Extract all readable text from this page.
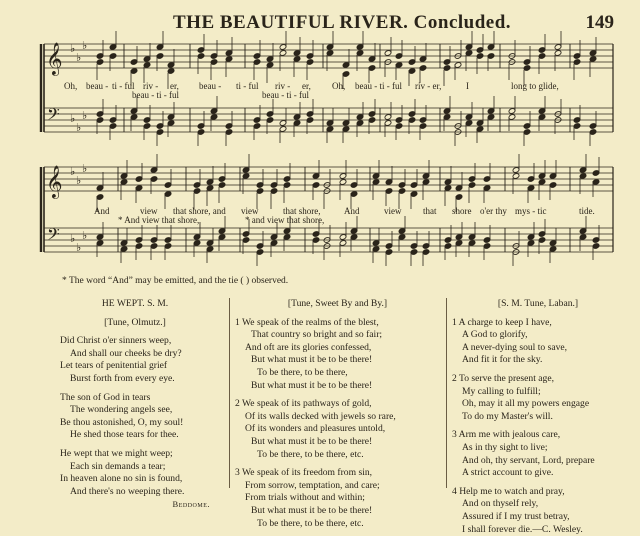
THE BEAUTIFUL RIVER. Concluded.	149
𝄞
𝄢
♭
♭
♭
♭
♭
♭
𝄞
𝄢
♭
♭
♭
♭
♭
♭
Oh, beau - ti - ful riv - er, beau - ti - ful riv - er, Oh, beau - ti - ful riv - er,	I	long to glide,
beau - ti - ful	beau - ti - ful
And	view that shore, and view	that shore,	And	view that shore o'er thy mys - tic	tide.
* And view that shore,	* and view that shore,
* The word “And” may be emitted, and the tie ( ) observed.
HE WEPT. S. M.
[Tune, Olmutz.]
Did Christ o'er sinners weep,
And shall our cheeks be dry?
Let tears of penitential grief
Burst forth from every eye.
The son of God in tears
The wondering angels see,
Be thou astonished, O, my soul!
He shed those tears for thee.
He wept that we might weep;
Each sin demands a tear;
In heaven alone no sin is found,
And there's no weeping there.
Beddome.
[Tune, Sweet By and By.]
1 We speak of the realms of the blest,
That country so bright and so fair;
And oft are its glories confessed,
But what must it be to be there!
To be there, to be there,
But what must it be to be there!
2 We speak of its pathways of gold,
Of its walls decked with jewels so rare,
Of its wonders and pleasures untold,
But what must it be to be there!
To be there, to be there, etc.
3 We speak of its freedom from sin,
From sorrow, temptation, and care;
From trials without and within;
But what must it be to be there!
To be there, to be there, etc.
[S. M. Tune, Laban.]
1 A charge to keep I have,
A God to glorify,
A never-dying soul to save,
And fit it for the sky.
2 To serve the present age,
My calling to fulfill;
Oh, may it all my powers engage
To do my Master's will.
3 Arm me with jealous care,
As in thy sight to live;
And oh, thy servant, Lord, prepare
A strict account to give.
4 Help me to watch and pray,
And on thyself rely,
Assured if I my trust betray,
I shall forever die.—C. Wesley.
